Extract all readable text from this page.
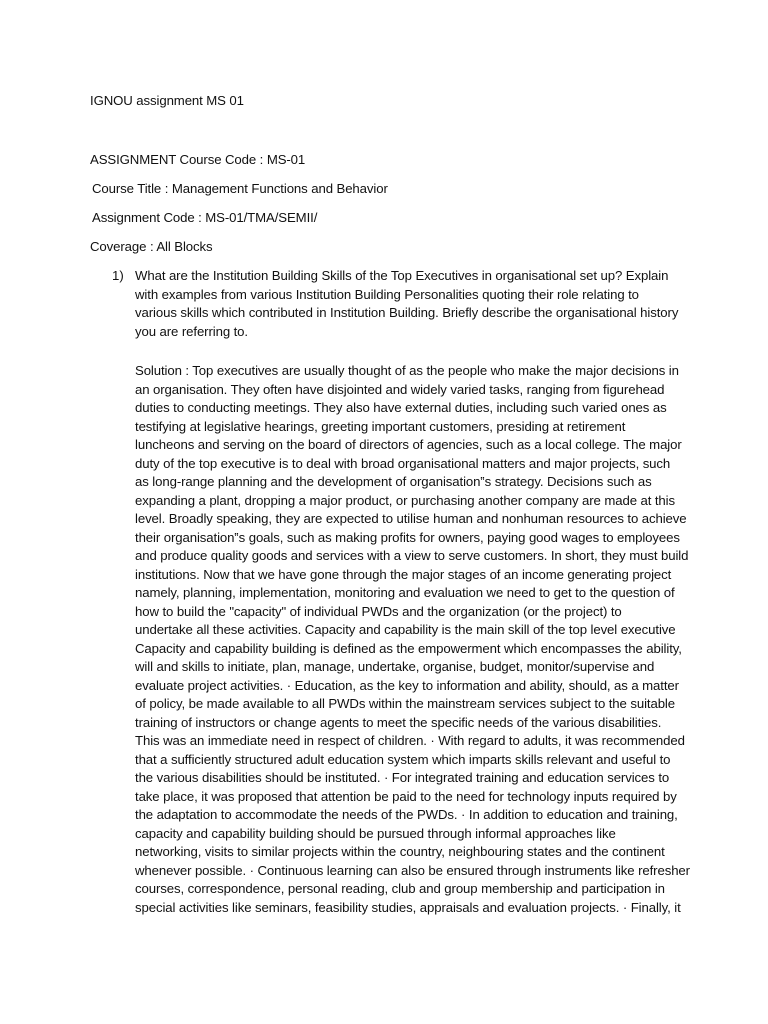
IGNOU assignment MS 01
ASSIGNMENT Course Code : MS-01
Course Title : Management Functions and Behavior
Assignment Code : MS-01/TMA/SEMII/
Coverage : All Blocks
1) What are the Institution Building Skills of the Top Executives in organisational set up? Explain
with examples from various Institution Building Personalities quoting their role relating to
various skills which contributed in Institution Building. Briefly describe the organisational history
you are referring to.
Solution : Top executives are usually thought of as the people who make the major decisions in
an organisation. They often have disjointed and widely varied tasks, ranging from figurehead
duties to conducting meetings. They also have external duties, including such varied ones as
testifying at legislative hearings, greeting important customers, presiding at retirement
luncheons and serving on the board of directors of agencies, such as a local college. The major
duty of the top executive is to deal with broad organisational matters and major projects, such
as long-range planning and the development of organisation‟s strategy. Decisions such as
expanding a plant, dropping a major product, or purchasing another company are made at this
level. Broadly speaking, they are expected to utilise human and nonhuman resources to achieve
their organisation‟s goals, such as making profits for owners, paying good wages to employees
and produce quality goods and services with a view to serve customers. In short, they must build
institutions. Now that we have gone through the major stages of an income generating project
namely, planning, implementation, monitoring and evaluation we need to get to the question of
how to build the "capacity" of individual PWDs and the organization (or the project) to
undertake all these activities. Capacity and capability is the main skill of the top level executive
Capacity and capability building is defined as the empowerment which encompasses the ability,
will and skills to initiate, plan, manage, undertake, organise, budget, monitor/supervise and
evaluate project activities. · Education, as the key to information and ability, should, as a matter
of policy, be made available to all PWDs within the mainstream services subject to the suitable
training of instructors or change agents to meet the specific needs of the various disabilities.
This was an immediate need in respect of children. · With regard to adults, it was recommended
that a sufficiently structured adult education system which imparts skills relevant and useful to
the various disabilities should be instituted. · For integrated training and education services to
take place, it was proposed that attention be paid to the need for technology inputs required by
the adaptation to accommodate the needs of the PWDs. · In addition to education and training,
capacity and capability building should be pursued through informal approaches like
networking, visits to similar projects within the country, neighbouring states and the continent
whenever possible. · Continuous learning can also be ensured through instruments like refresher
courses, correspondence, personal reading, club and group membership and participation in
special activities like seminars, feasibility studies, appraisals and evaluation projects. · Finally, it
